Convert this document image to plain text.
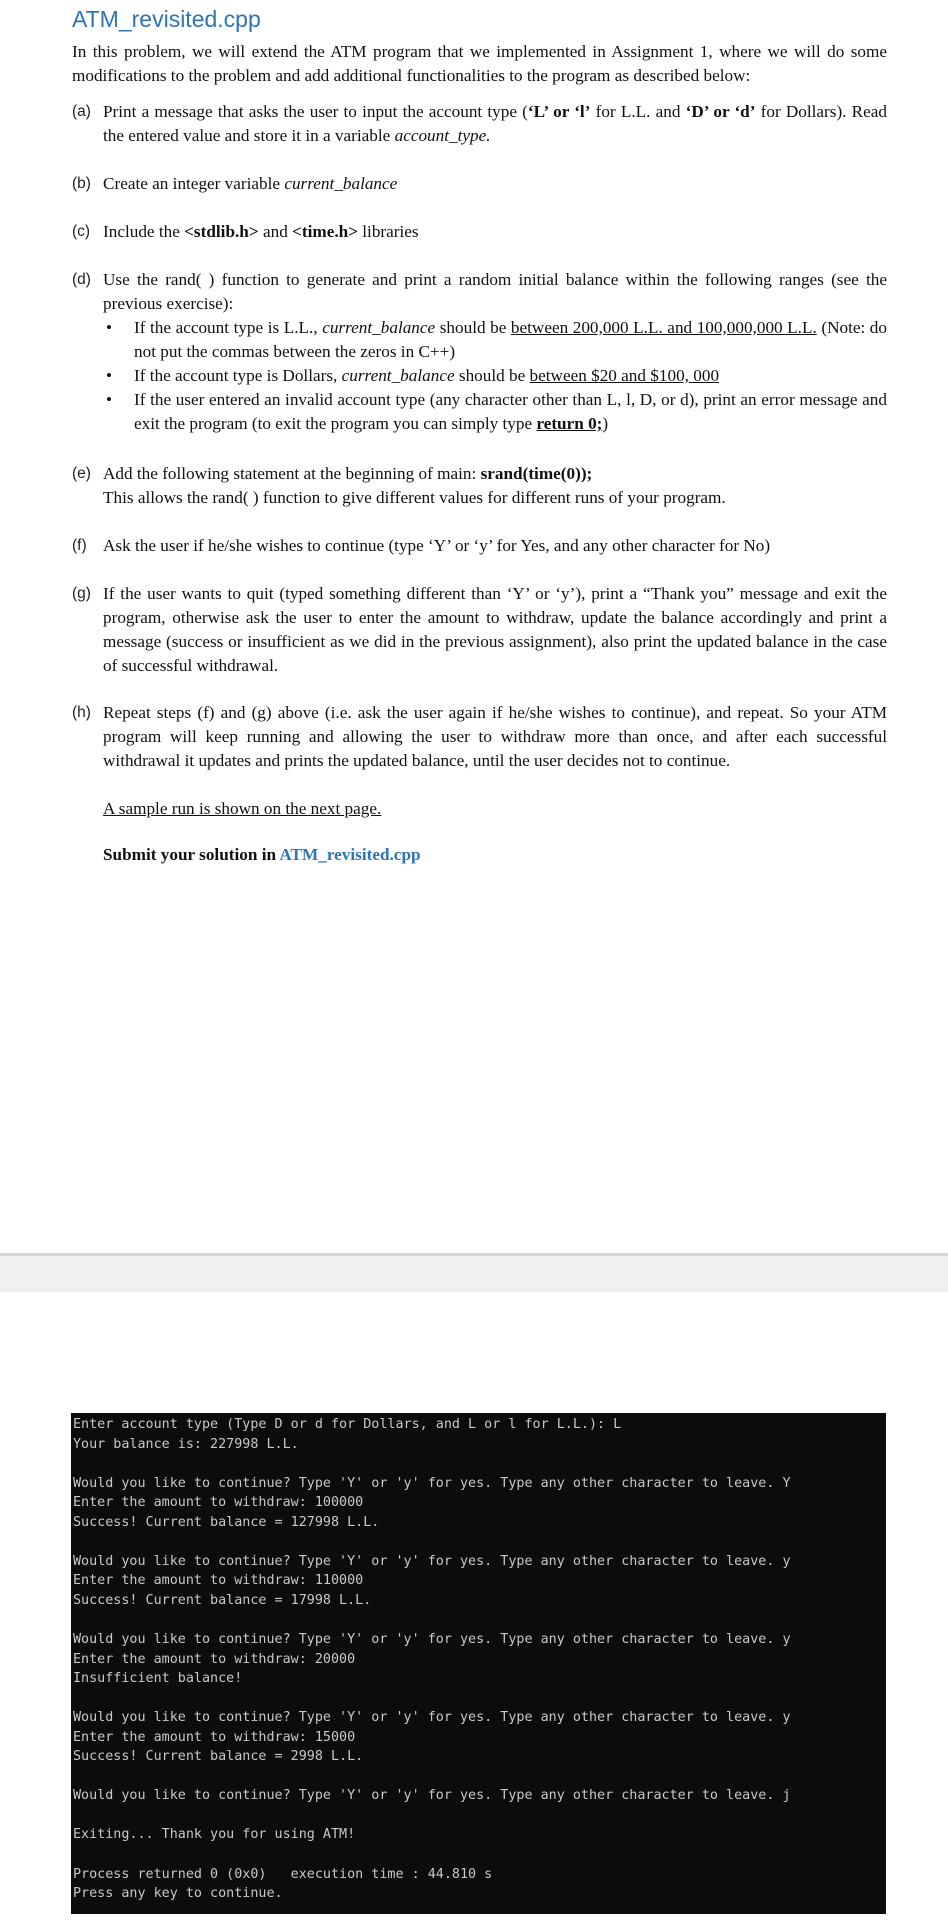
ATM_revisited.cpp

In this problem, we will extend the ATM program that we implemented in Assignment 1, where we will do some modifications to the problem and add additional functionalities to the program as described below:

(a) Print a message that asks the user to input the account type (‘L’ or ‘l’ for L.L. and ‘D’ or ‘d’ for Dollars). Read the entered value and store it in a variable account_type.
(b) Create an integer variable current_balance
(c) Include the <stdlib.h> and <time.h> libraries
(d) Use the rand( ) function to generate and print a random initial balance within the following ranges (see the previous exercise):
• If the account type is L.L., current_balance should be between 200,000 L.L. and 100,000,000 L.L. (Note: do not put the commas between the zeros in C++)
• If the account type is Dollars, current_balance should be between $20 and $100, 000
• If the user entered an invalid account type (any character other than L, l, D, or d), print an error message and exit the program (to exit the program you can simply type return 0;)
(e) Add the following statement at the beginning of main: srand(time(0));
This allows the rand( ) function to give different values for different runs of your program.
(f) Ask the user if he/she wishes to continue (type ‘Y’ or ‘y’ for Yes, and any other character for No)
(g) If the user wants to quit (typed something different than ‘Y’ or ‘y’), print a “Thank you” message and exit the program, otherwise ask the user to enter the amount to withdraw, update the balance accordingly and print a message (success or insufficient as we did in the previous assignment), also print the updated balance in the case of successful withdrawal.
(h) Repeat steps (f) and (g) above (i.e. ask the user again if he/she wishes to continue), and repeat. So your ATM program will keep running and allowing the user to withdraw more than once, and after each successful withdrawal it updates and prints the updated balance, until the user decides not to continue.
A sample run is shown on the next page.
Submit your solution in ATM_revisited.cpp
Enter account type (Type D or d for Dollars, and L or l for L.L.): L
Your balance is: 227998 L.L.
Would you like to continue? Type 'Y' or 'y' for yes. Type any other character to leave. Y
Enter the amount to withdraw: 100000
Success! Current balance = 127998 L.L.
Would you like to continue? Type 'Y' or 'y' for yes. Type any other character to leave. y
Enter the amount to withdraw: 110000
Success! Current balance = 17998 L.L.
Would you like to continue? Type 'Y' or 'y' for yes. Type any other character to leave. y
Enter the amount to withdraw: 20000
Insufficient balance!
Would you like to continue? Type 'Y' or 'y' for yes. Type any other character to leave. y
Enter the amount to withdraw: 15000
Success! Current balance = 2998 L.L.
Would you like to continue? Type 'Y' or 'y' for yes. Type any other character to leave. j
Exiting... Thank you for using ATM!
Process returned 0 (0x0)   execution time : 44.810 s
Press any key to continue.
